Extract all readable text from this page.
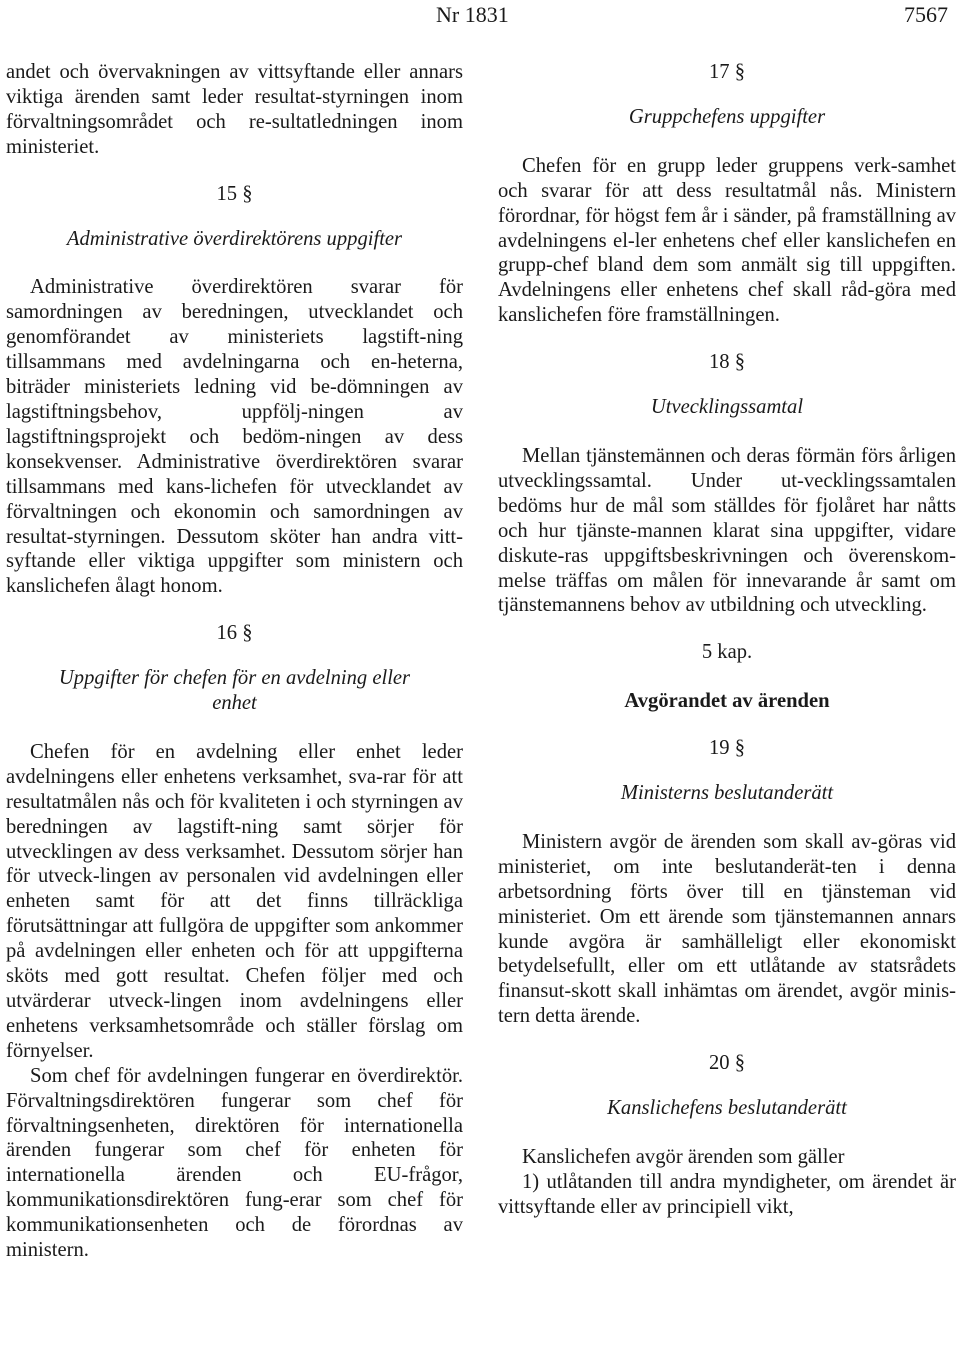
Nr 1831	7567

andet och övervakningen av vittsyftande eller annars viktiga ärenden samt leder resultat-styrningen inom förvaltningsområdet och re-sultatledningen inom ministeriet.

15 §

Administrative överdirektörens uppgifter

Administrative överdirektören svarar för samordningen av beredningen, utvecklandet och genomförandet av ministeriets lagstift-ning tillsammans med avdelningarna och en-heterna, biträder ministeriets ledning vid be-dömningen av lagstiftningsbehov, uppfölj-ningen av lagstiftningsprojekt och bedöm-ningen av dess konsekvenser. Administrative överdirektören svarar tillsammans med kans-lichefen för utvecklandet av förvaltningen och ekonomin och samordningen av resultat-styrningen. Dessutom sköter han andra vitt-syftande eller viktiga uppgifter som ministern och kanslichefen ålagt honom.

16 §

Uppgifter för chefen för en avdelning eller
enhet

Chefen för en avdelning eller enhet leder avdelningens eller enhetens verksamhet, sva-rar för att resultatmålen nås och för kvaliteten i och styrningen av beredningen av lagstift-ning samt sörjer för utvecklingen av dess verksamhet. Dessutom sörjer han för utveck-lingen av personalen vid avdelningen eller enheten samt för att det finns tillräckliga förutsättningar att fullgöra de uppgifter som ankommer på avdelningen eller enheten och för att uppgifterna sköts med gott resultat. Chefen följer med och utvärderar utveck-lingen inom avdelningens eller enhetens verksamhetsområde och ställer förslag om förnyelser.

Som chef för avdelningen fungerar en överdirektör. Förvaltningsdirektören fungerar som chef för förvaltningsenheten, direktören för internationella ärenden fungerar som chef för enheten för internationella ärenden och EU-frågor, kommunikationsdirektören fung-erar som chef för kommunikationsenheten och de förordnas av ministern.

17 §

Gruppchefens uppgifter

Chefen för en grupp leder gruppens verk-samhet och svarar för att dess resultatmål nås. Ministern förordnar, för högst fem år i sänder, på framställning av avdelningens el-ler enhetens chef eller kanslichefen en grupp-chef bland dem som anmält sig till uppgiften. Avdelningens eller enhetens chef skall råd-göra med kanslichefen före framställningen.

18 §

Utvecklingssamtal

Mellan tjänstemännen och deras förmän förs årligen utvecklingssamtal. Under ut-vecklingssamtalen bedöms hur de mål som ställdes för fjolåret har nåtts och hur tjänste-mannen klarat sina uppgifter, vidare diskute-ras uppgiftsbeskrivningen och överenskom-melse träffas om målen för innevarande år samt om tjänstemannens behov av utbildning och utveckling.

5 kap.

Avgörandet av ärenden

19 §

Ministerns beslutanderätt

Ministern avgör de ärenden som skall av-göras vid ministeriet, om inte beslutanderät-ten i denna arbetsordning förts över till en tjänsteman vid ministeriet. Om ett ärende som tjänstemannen annars kunde avgöra är samhälleligt eller ekonomiskt betydelsefullt, eller om ett utlåtande av statsrådets finansut-skott skall inhämtas om ärendet, avgör minis-tern detta ärende.

20 §

Kanslichefens beslutanderätt

Kanslichefen avgör ärenden som gäller

1) utlåtanden till andra myndigheter, om ärendet är vittsyftande eller av principiell vikt,
